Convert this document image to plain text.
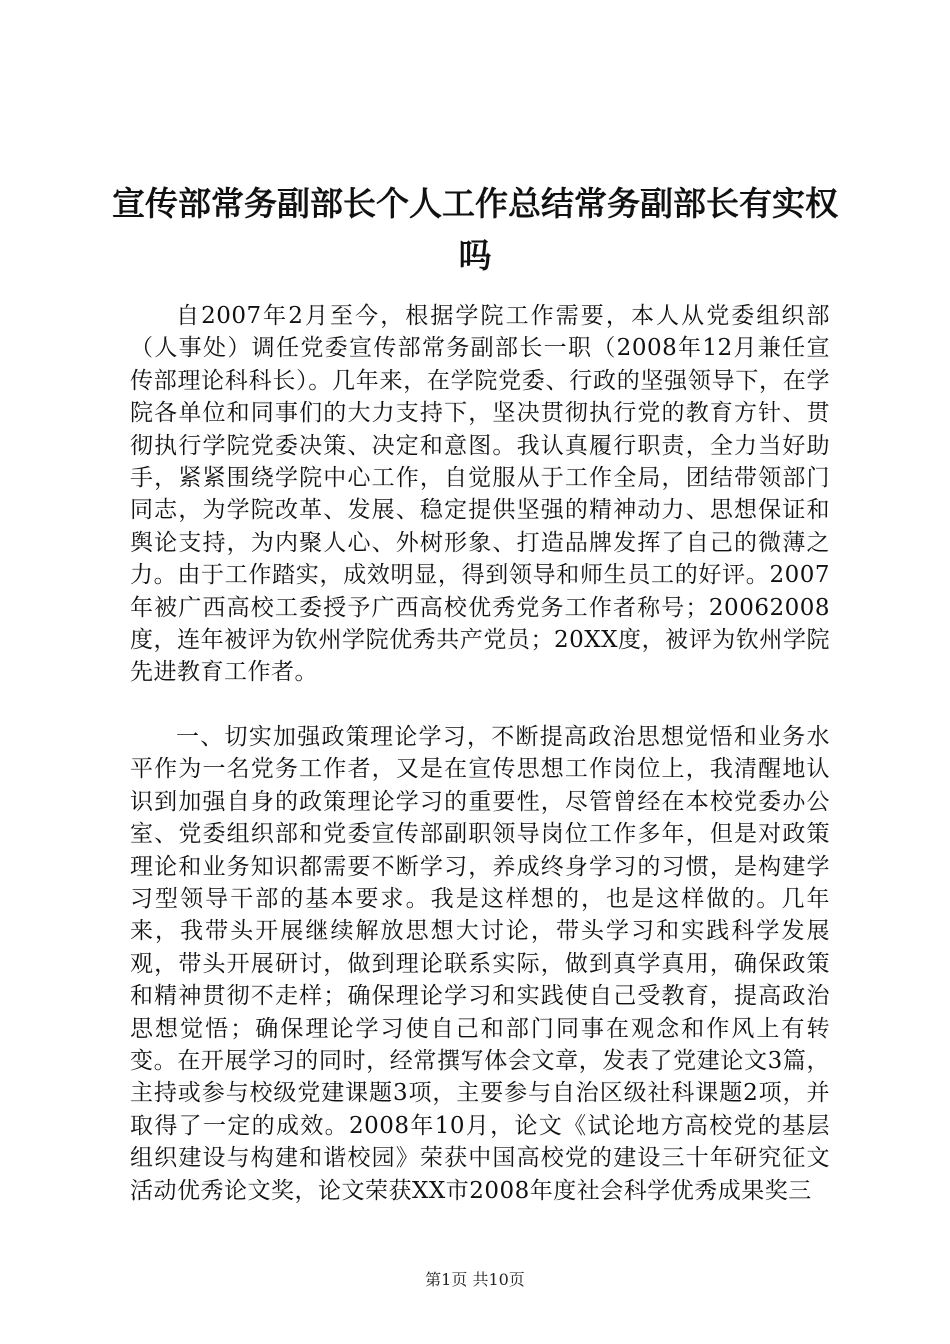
宣传部常务副部长个人工作总结常务副部长有实权吗

自2007年2月至今，根据学院工作需要，本人从党委组织部（人事处）调任党委宣传部常务副部长一职（2008年12月兼任宣传部理论科科长）。几年来，在学院党委、行政的坚强领导下，在学院各单位和同事们的大力支持下，坚决贯彻执行党的教育方针、贯彻执行学院党委决策、决定和意图。我认真履行职责，全力当好助手，紧紧围绕学院中心工作，自觉服从于工作全局，团结带领部门同志，为学院改革、发展、稳定提供坚强的精神动力、思想保证和舆论支持，为内聚人心、外树形象、打造品牌发挥了自己的微薄之力。由于工作踏实，成效明显，得到领导和师生员工的好评。2007年被广西高校工委授予广西高校优秀党务工作者称号；20062008度，连年被评为钦州学院优秀共产党员；20XX度，被评为钦州学院先进教育工作者。

一、切实加强政策理论学习，不断提高政治思想觉悟和业务水平作为一名党务工作者，又是在宣传思想工作岗位上，我清醒地认识到加强自身的政策理论学习的重要性，尽管曾经在本校党委办公室、党委组织部和党委宣传部副职领导岗位工作多年，但是对政策理论和业务知识都需要不断学习，养成终身学习的习惯，是构建学习型领导干部的基本要求。我是这样想的，也是这样做的。几年来，我带头开展继续解放思想大讨论，带头学习和实践科学发展观，带头开展研讨，做到理论联系实际，做到真学真用，确保政策和精神贯彻不走样；确保理论学习和实践使自己受教育，提高政治思想觉悟；确保理论学习使自己和部门同事在观念和作风上有转变。在开展学习的同时，经常撰写体会文章，发表了党建论文3篇，主持或参与校级党建课题3项，主要参与自治区级社科课题2项，并取得了一定的成效。2008年10月，论文《试论地方高校党的基层组织建设与构建和谐校园》荣获中国高校党的建设三十年研究征文活动优秀论文奖，论文荣获XX市2008年度社会科学优秀成果奖三

第1页 共10页
